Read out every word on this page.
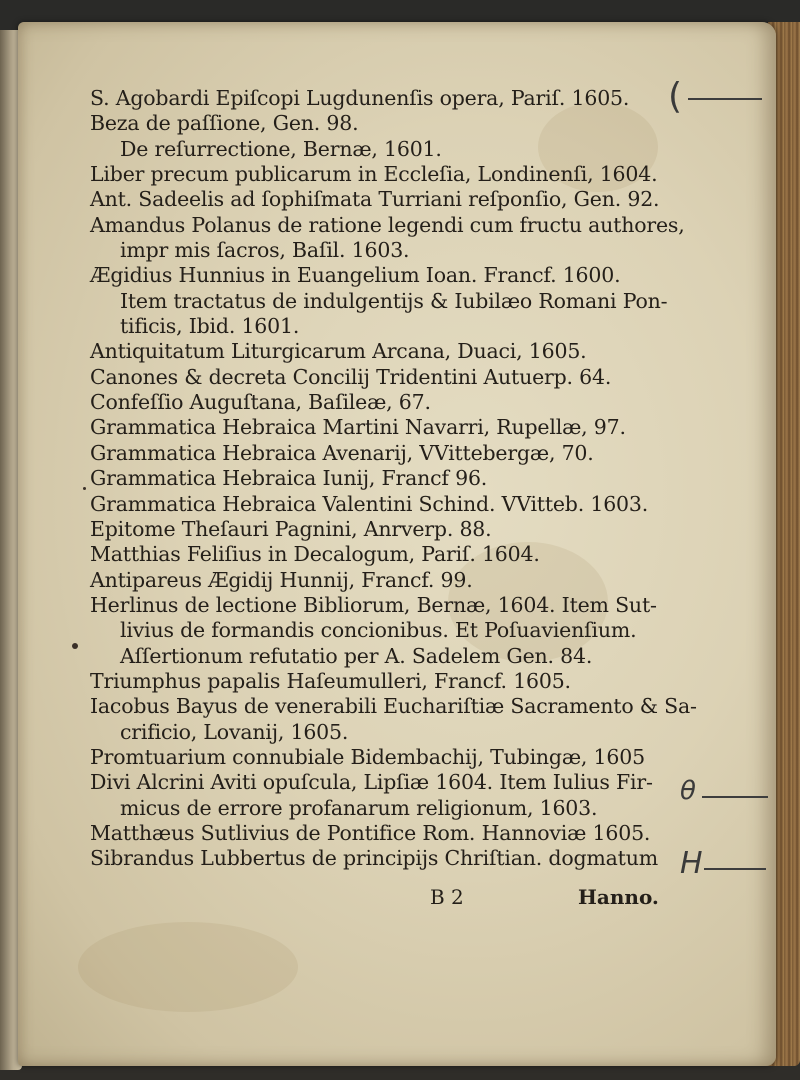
S. Agobardi Epiſcopi Lugdunenſis opera, Pariſ. 1605.
Beza de paſſione, Gen. 98.
De reſurrectione, Bernæ, 1601.
Liber precum publicarum in Eccleſia, Londinenſi, 1604.
Ant. Sadeelis ad ſophiſmata Turriani reſponſio, Gen. 92.
Amandus Polanus de ratione legendi cum fructu authores,
impr mis ſacros, Baſil. 1603.
Ægidius Hunnius in Euangelium Ioan. Francf. 1600.
Item tractatus de indulgentijs & Iubilæo Romani Pon-
tificis, Ibid. 1601.
Antiquitatum Liturgicarum Arcana, Duaci, 1605.
Canones & decreta Concilij Tridentini Autuerp. 64.
Confeſſio Auguſtana, Baſileæ, 67.
Grammatica Hebraica Martini Navarri, Rupellæ, 97.
Grammatica Hebraica Avenarij, VVittebergæ, 70.
Grammatica Hebraica Iunij, Francf 96.
Grammatica Hebraica Valentini Schind. VVitteb. 1603.
Epitome Theſauri Pagnini, Anrverp. 88.
Matthias Feliſius in Decalogum, Pariſ. 1604.
Antipareus Ægidij Hunnij, Francf. 99.
Herlinus de lectione Bibliorum, Bernæ, 1604. Item Sut-
livius de formandis concionibus. Et Poſuavienſium.
Aſſertionum refutatio per A. Sadelem Gen. 84.
Triumphus papalis Haſeumulleri, Francf. 1605.
Iacobus Bayus de venerabili Euchariſtiæ Sacramento & Sa-
crificio, Lovanij, 1605.
Promtuarium connubiale Bidembachij, Tubingæ, 1605
Divi Alcrini Aviti opuſcula, Lipſiæ 1604. Item Iulius Fir-
micus de errore profanarum religionum, 1603.
Matthæus Sutlivius de Pontifice Rom. Hannoviæ 1605.
Sibrandus Lubbertus de principijs Chriſtian. dogmatum
B 2	Hanno.
(
θ
H
